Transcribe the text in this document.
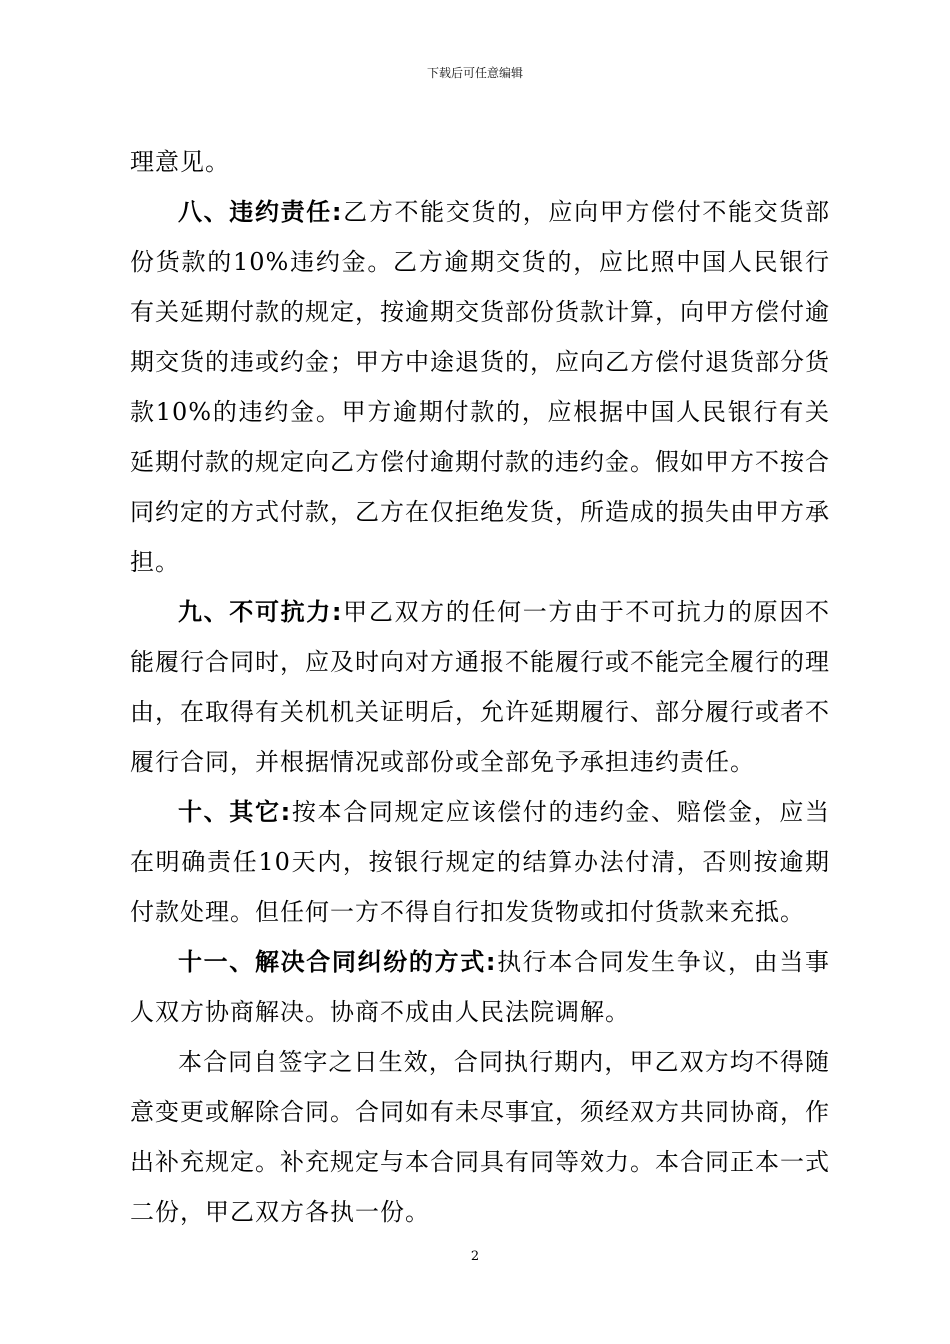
下载后可任意编辑

理意见。

八、违约责任:乙方不能交货的，应向甲方偿付不能交货部份货款的10%违约金。乙方逾期交货的，应比照中国人民银行有关延期付款的规定，按逾期交货部份货款计算，向甲方偿付逾期交货的违或约金；甲方中途退货的，应向乙方偿付退货部分货款10%的违约金。甲方逾期付款的，应根据中国人民银行有关延期付款的规定向乙方偿付逾期付款的违约金。假如甲方不按合同约定的方式付款，乙方在仅拒绝发货，所造成的损失由甲方承担。

九、不可抗力:甲乙双方的任何一方由于不可抗力的原因不能履行合同时，应及时向对方通报不能履行或不能完全履行的理由，在取得有关机机关证明后，允许延期履行、部分履行或者不履行合同，并根据情况或部份或全部免予承担违约责任。

十、其它:按本合同规定应该偿付的违约金、赔偿金，应当在明确责任10天内，按银行规定的结算办法付清，否则按逾期付款处理。但任何一方不得自行扣发货物或扣付货款来充抵。

十一、解决合同纠纷的方式:执行本合同发生争议，由当事人双方协商解决。协商不成由人民法院调解。

本合同自签字之日生效，合同执行期内，甲乙双方均不得随意变更或解除合同。合同如有未尽事宜，须经双方共同协商，作出补充规定。补充规定与本合同具有同等效力。本合同正本一式二份，甲乙双方各执一份。

2
